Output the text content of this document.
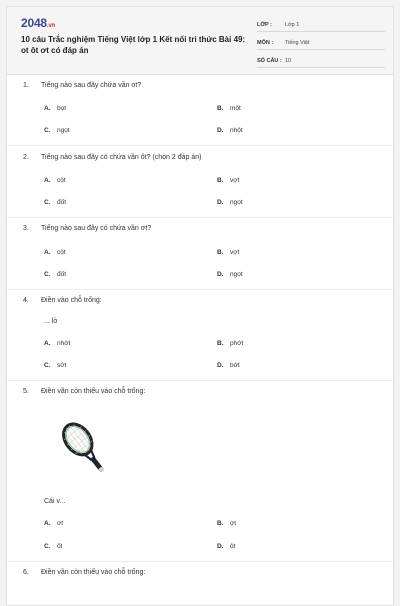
2048.vn
10 câu Trắc nghiệm Tiếng Việt lớp 1 Kết nối tri thức Bài 49: ot ôt ơt có đáp án
LỚP :	Lớp 1
MÔN :	Tiếng Việt
SỐ CÂU : 10
1. Tiếng nào sau đây chứa vần ot?
A. bọt	B. một
C. ngọt	D. nhột
2. Tiếng nào sau đây có chứa vần ôt? (chọn 2 đáp án)
A. cột	B. vợt
C. đốt	D. ngọt
3. Tiếng nào sau đây có chứa vần ơt?
A. cột	B. vợt
C. đốt	D. ngọt
4. Điền vào chỗ trống:
... lò
A. nhớt	B. phớt
C. sớt	D. bớt
5. Điền vần còn thiếu vào chỗ trống:
Cái v...
A. ơt	B. ợt
C. ốt	D. ôt
6. Điền vần còn thiếu vào chỗ trống:
